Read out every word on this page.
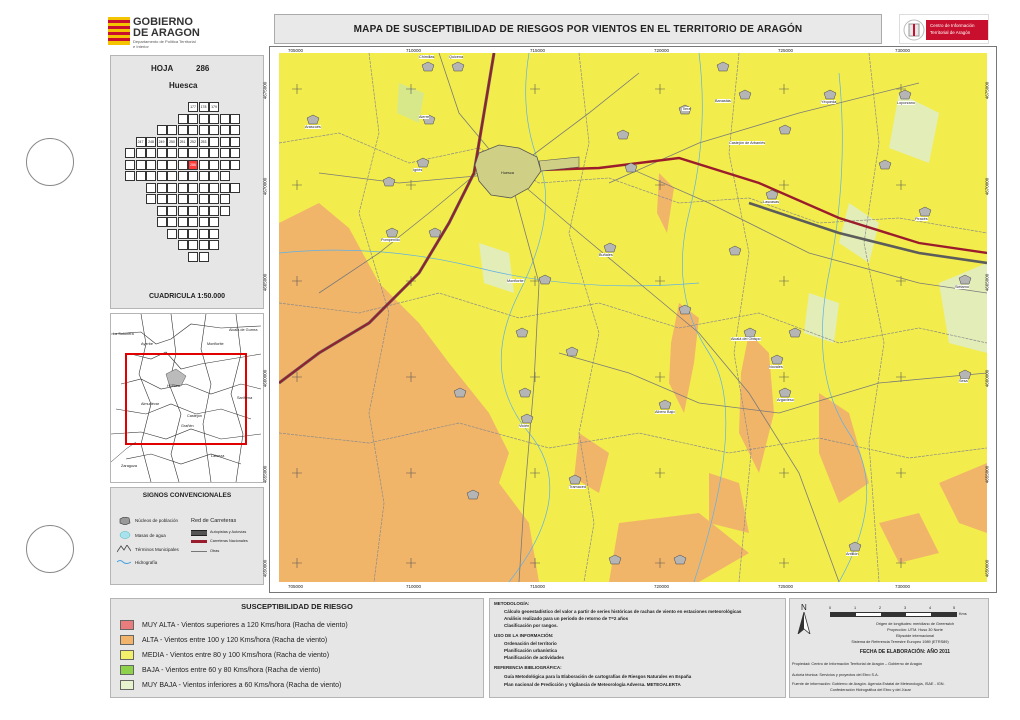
GOBIERNO
DE ARAGON
Departamento de Política Territorial
e Interior
MAPA DE SUSCEPTIBILIDAD DE RIESGOS POR VIENTOS EN EL TERRITORIO DE ARAGÓN	Centro de Información
Territorial de Aragón
HOJA	286
Huesca
177	178	179
247	248	249	250	251	252	253
286
CUADRICULA 1:50.000
Huesca
La Sotonera
Alcalá de Gurrea
Sariñena
Almudévar
Castejón
Grañén
Ayerbe	Monflorite
Lalueza
Zaragoza
SIGNOS CONVENCIONALES
Núcleos de población
Masas de agua
Términos Municipales
Hidrografía
Red de Carreteras
Autopistas y Autovías
Carreteras Nacionales
Otras
Huesca
Chimillas	Quicena
Tierz
Monflorite
Alerre
Banastás	Yéqueda
Pompenillo
Castejón de Arbaniés
Siétamo
Loporzano
Sesa
Argavieso
Antillón
Albero Bajo
Vicién
Novales
Alcalá del Obispo
Piracés
Tramaced
Lascasas
Buñales
Arascués
Igriés
705000	710000	715000	720000	725000	730000
705000	710000	715000	720000	725000	730000
4675000
4670000
4665000
4660000
4655000
4650000
4675000
4670000
4665000
4660000
4655000
4650000
SUSCEPTIBILIDAD DE RIESGO
MUY ALTA - Vientos superiores a 120 Kms/hora (Racha de viento)
ALTA - Vientos entre 100 y 120 Kms/hora (Racha de viento)
MEDIA - Vientos entre 80 y 100 Kms/hora (Racha de viento)
BAJA - Vientos entre 60 y 80 Kms/hora (Racha de viento)
MUY BAJA - Vientos inferiores a 60 Kms/hora (Racha de viento)
METODOLOGÍA:
Cálculo geoestadístico del valor a partir de series históricas de rachas de viento en estaciones meteorológicas
Análisis realizado para un periodo de retorno de T=2 años
Clasificación por rangos.
USO DE LA INFORMACIÓN:
Ordenación del territorio
Planificación urbanística
Planificación de actividades
REFERENCIA BIBLIOGRÁFICA:
Guía Metodológica para la Elaboración de cartografías de Riesgos Naturales en España
Plan nacional de Predicción y Vigilancia de Meteorología Adversa. METEOALERTA
N	0	1	2	3	4	5
Kms
Origen de longitudes: meridiano de Greenwich
Proyección: UTM. Huso 30 Norte
Elipsoide internacional
Sistema de Referencia Terrestre Europeo 1989 (ETRS89)
FECHA DE ELABORACIÓN: AÑO 2011
Propiedad: Centro de Información Territorial de Aragón – Gobierno de Aragón
Autoría técnica: Servicios y proyectos del Ebro S.A.
Fuente de información: Gobierno de Aragón. Agencia Estatal de Meteorología, ISAE - IGN.
Confederación Hidrográfica del Ebro y del Júcar
